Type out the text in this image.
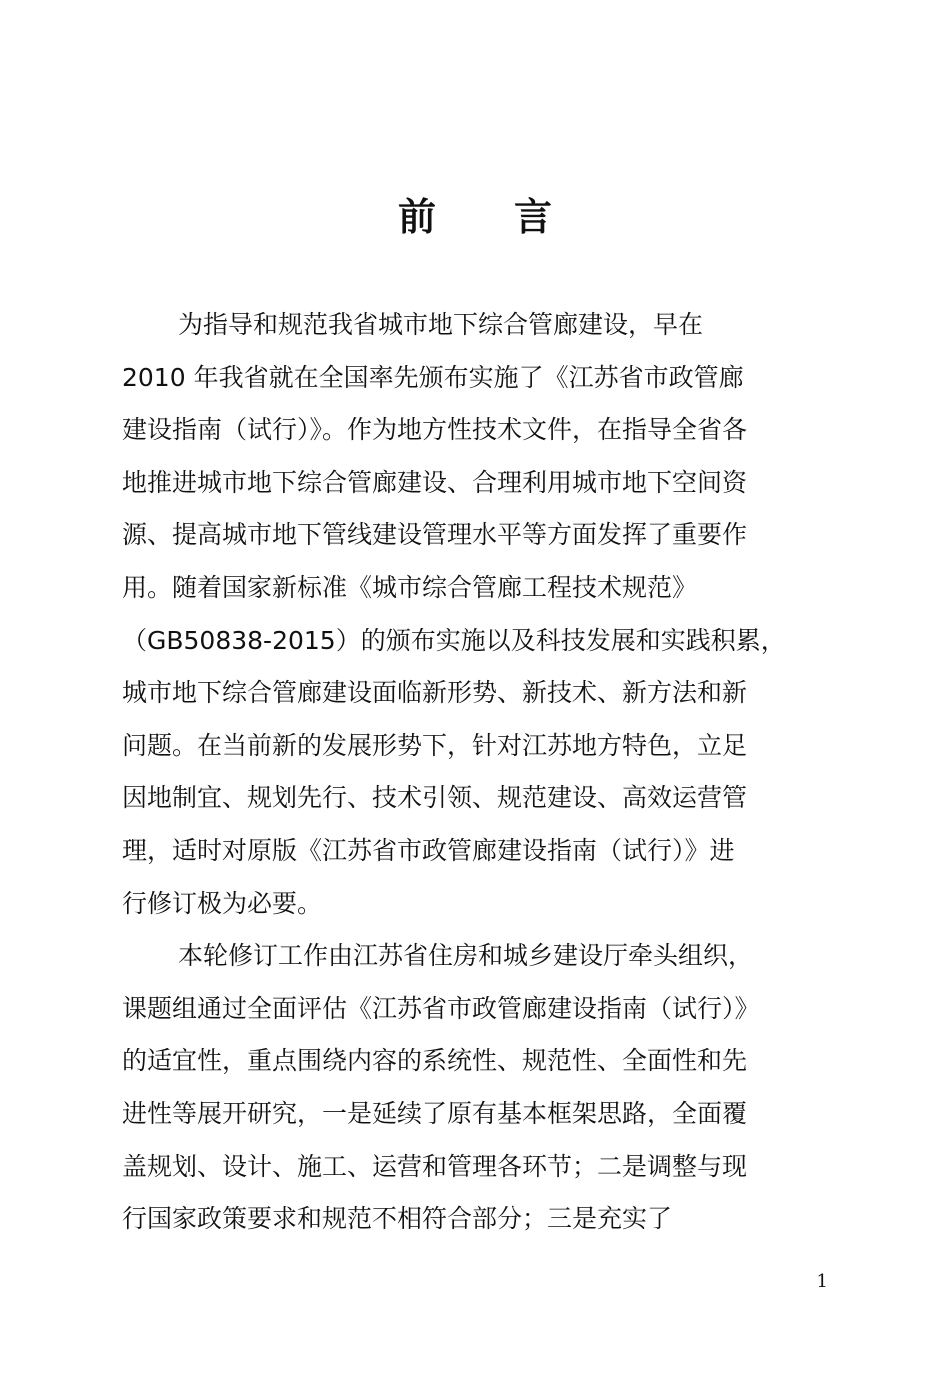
前 言
为指导和规范我省城市地下综合管廊建设，早在
2010 年我省就在全国率先颁布实施了《江苏省市政管廊
建设指南（试行）》。作为地方性技术文件，在指导全省各
地推进城市地下综合管廊建设、合理利用城市地下空间资
源、提高城市地下管线建设管理水平等方面发挥了重要作
用。随着国家新标准《城市综合管廊工程技术规范》
（GB50838-2015）的颁布实施以及科技发展和实践积累，
城市地下综合管廊建设面临新形势、新技术、新方法和新
问题。在当前新的发展形势下，针对江苏地方特色，立足
因地制宜、规划先行、技术引领、规范建设、高效运营管
理，适时对原版《江苏省市政管廊建设指南（试行）》进
行修订极为必要。
本轮修订工作由江苏省住房和城乡建设厅牵头组织，
课题组通过全面评估《江苏省市政管廊建设指南（试行）》
的适宜性，重点围绕内容的系统性、规范性、全面性和先
进性等展开研究，一是延续了原有基本框架思路，全面覆
盖规划、设计、施工、运营和管理各环节；二是调整与现
行国家政策要求和规范不相符合部分；三是充实了
1
